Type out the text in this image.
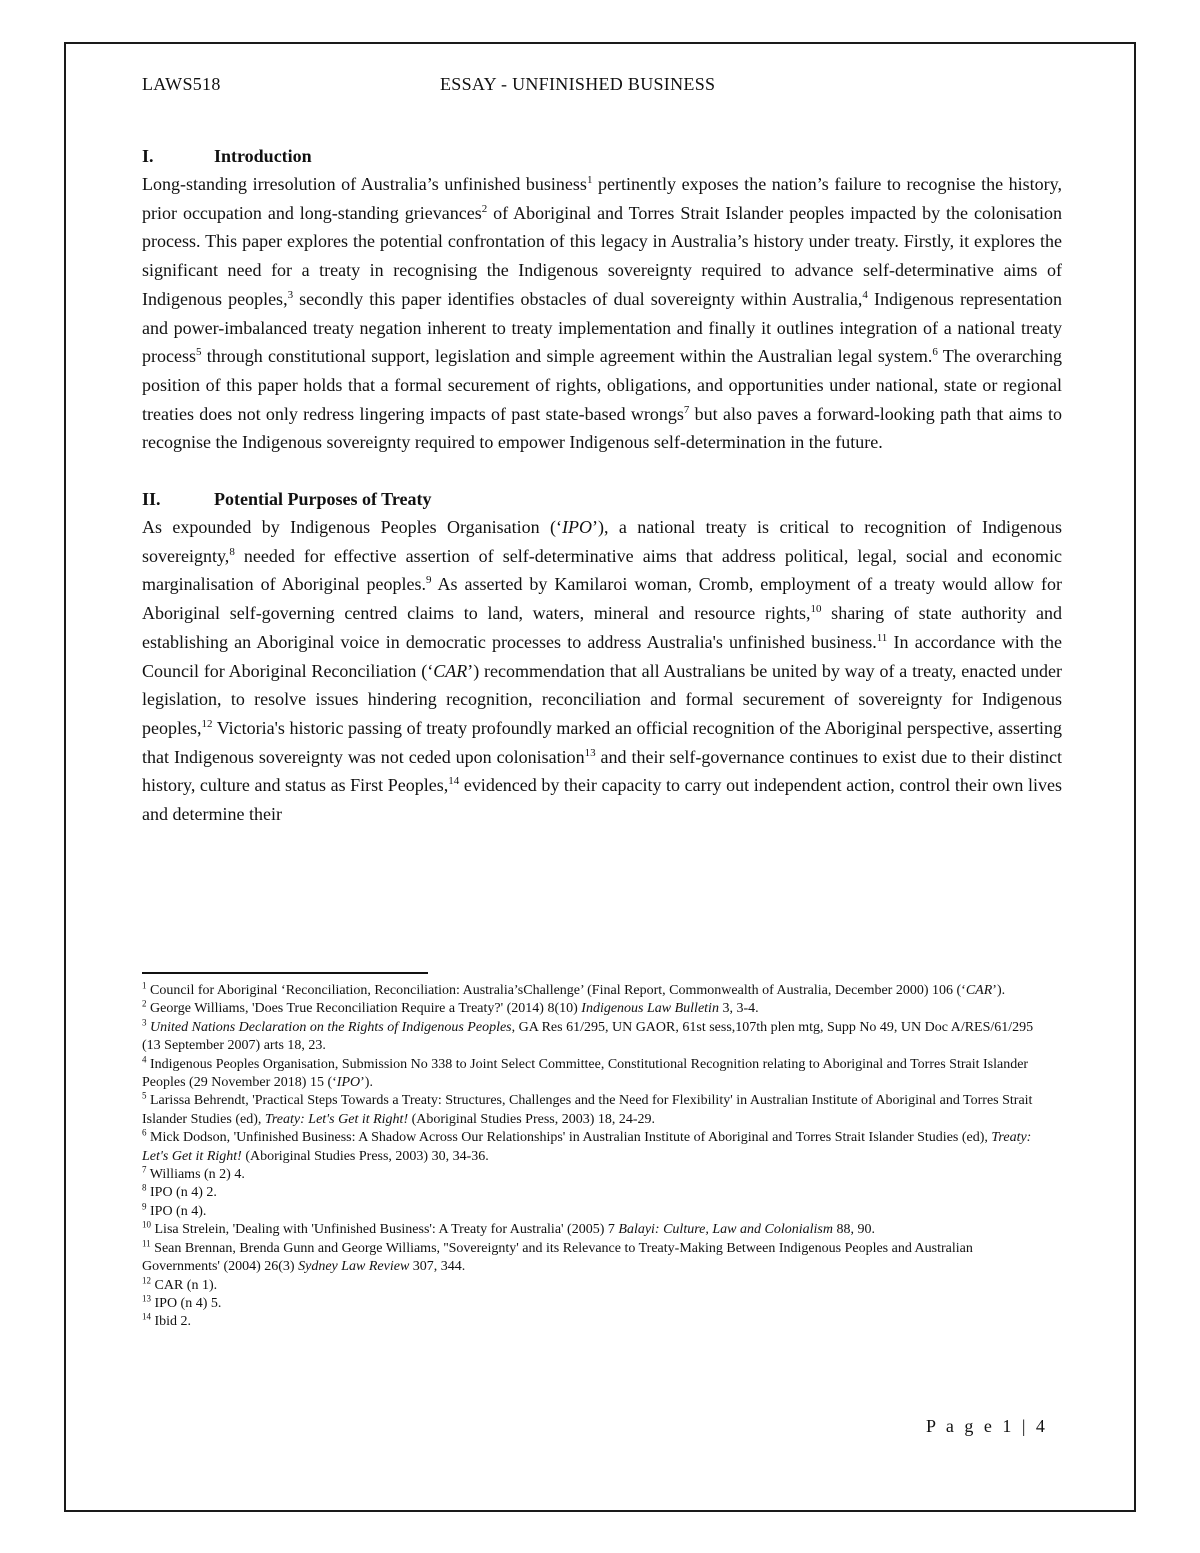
LAWS518	ESSAY - UNFINISHED BUSINESS
I.	Introduction

Long-standing irresolution of Australia’s unfinished business$^1$ pertinently exposes the nation’s failure to recognise the history, prior occupation and long-standing grievances$^2$ of Aboriginal and Torres Strait Islander peoples impacted by the colonisation process. This paper explores the potential confrontation of this legacy in Australia’s history under treaty. Firstly, it explores the significant need for a treaty in recognising the Indigenous sovereignty required to advance self-determinative aims of Indigenous peoples,$^3$ secondly this paper identifies obstacles of dual sovereignty within Australia,$^4$ Indigenous representation and power-imbalanced treaty negation inherent to treaty implementation and finally it outlines integration of a national treaty process$^5$ through constitutional support, legislation and simple agreement within the Australian legal system.$^6$ The overarching position of this paper holds that a formal securement of rights, obligations, and opportunities under national, state or regional treaties does not only redress lingering impacts of past state-based wrongs$^7$ but also paves a forward-looking path that aims to recognise the Indigenous sovereignty required to empower Indigenous self-determination in the future.

II.	Potential Purposes of Treaty

As expounded by Indigenous Peoples Organisation (‘IPO’), a national treaty is critical to recognition of Indigenous sovereignty,$^8$ needed for effective assertion of self-determinative aims that address political, legal, social and economic marginalisation of Aboriginal peoples.$^9$ As asserted by Kamilaroi woman, Cromb, employment of a treaty would allow for Aboriginal self-governing centred claims to land, waters, mineral and resource rights,$^{10}$ sharing of state authority and establishing an Aboriginal voice in democratic processes to address Australia's unfinished business.$^{11}$ In accordance with the Council for Aboriginal Reconciliation (‘CAR’) recommendation that all Australians be united by way of a treaty, enacted under legislation, to resolve issues hindering recognition, reconciliation and formal securement of sovereignty for Indigenous peoples,$^{12}$ Victoria's historic passing of treaty profoundly marked an official recognition of the Aboriginal perspective, asserting that Indigenous sovereignty was not ceded upon colonisation$^{13}$ and their self-governance continues to exist due to their distinct history, culture and status as First Peoples,$^{14}$ evidenced by their capacity to carry out independent action, control their own lives and determine their

$^1$ Council for Aboriginal ‘Reconciliation, Reconciliation: Australia’sChallenge’ (Final Report, Commonwealth of Australia, December 2000) 106 (‘CAR’).

$^2$ George Williams, 'Does True Reconciliation Require a Treaty?' (2014) 8(10) Indigenous Law Bulletin 3, 3-4.

$^3$ United Nations Declaration on the Rights of Indigenous Peoples, GA Res 61/295, UN GAOR, 61st sess,107th plen mtg, Supp No 49, UN Doc A/RES/61/295 (13 September 2007) arts 18, 23.

$^4$ Indigenous Peoples Organisation, Submission No 338 to Joint Select Committee, Constitutional Recognition relating to Aboriginal and Torres Strait Islander Peoples (29 November 2018) 15 (‘IPO’).

$^5$ Larissa Behrendt, 'Practical Steps Towards a Treaty: Structures, Challenges and the Need for Flexibility' in Australian Institute of Aboriginal and Torres Strait Islander Studies (ed), Treaty: Let's Get it Right! (Aboriginal Studies Press, 2003) 18, 24-29.

$^6$ Mick Dodson, 'Unfinished Business: A Shadow Across Our Relationships' in Australian Institute of Aboriginal and Torres Strait Islander Studies (ed), Treaty: Let's Get it Right! (Aboriginal Studies Press, 2003) 30, 34-36.

$^7$ Williams (n 2) 4.

$^8$ IPO (n 4) 2.

$^9$ IPO (n 4).

$^{10}$ Lisa Strelein, 'Dealing with 'Unfinished Business': A Treaty for Australia' (2005) 7 Balayi: Culture, Law and Colonialism 88, 90.

$^{11}$ Sean Brennan, Brenda Gunn and George Williams, ''Sovereignty' and its Relevance to Treaty-Making Between Indigenous Peoples and Australian Governments' (2004) 26(3) Sydney Law Review 307, 344.

$^{12}$ CAR (n 1).

$^{13}$ IPO (n 4) 5.

$^{14}$ Ibid 2.

P a g e 1 | 4
